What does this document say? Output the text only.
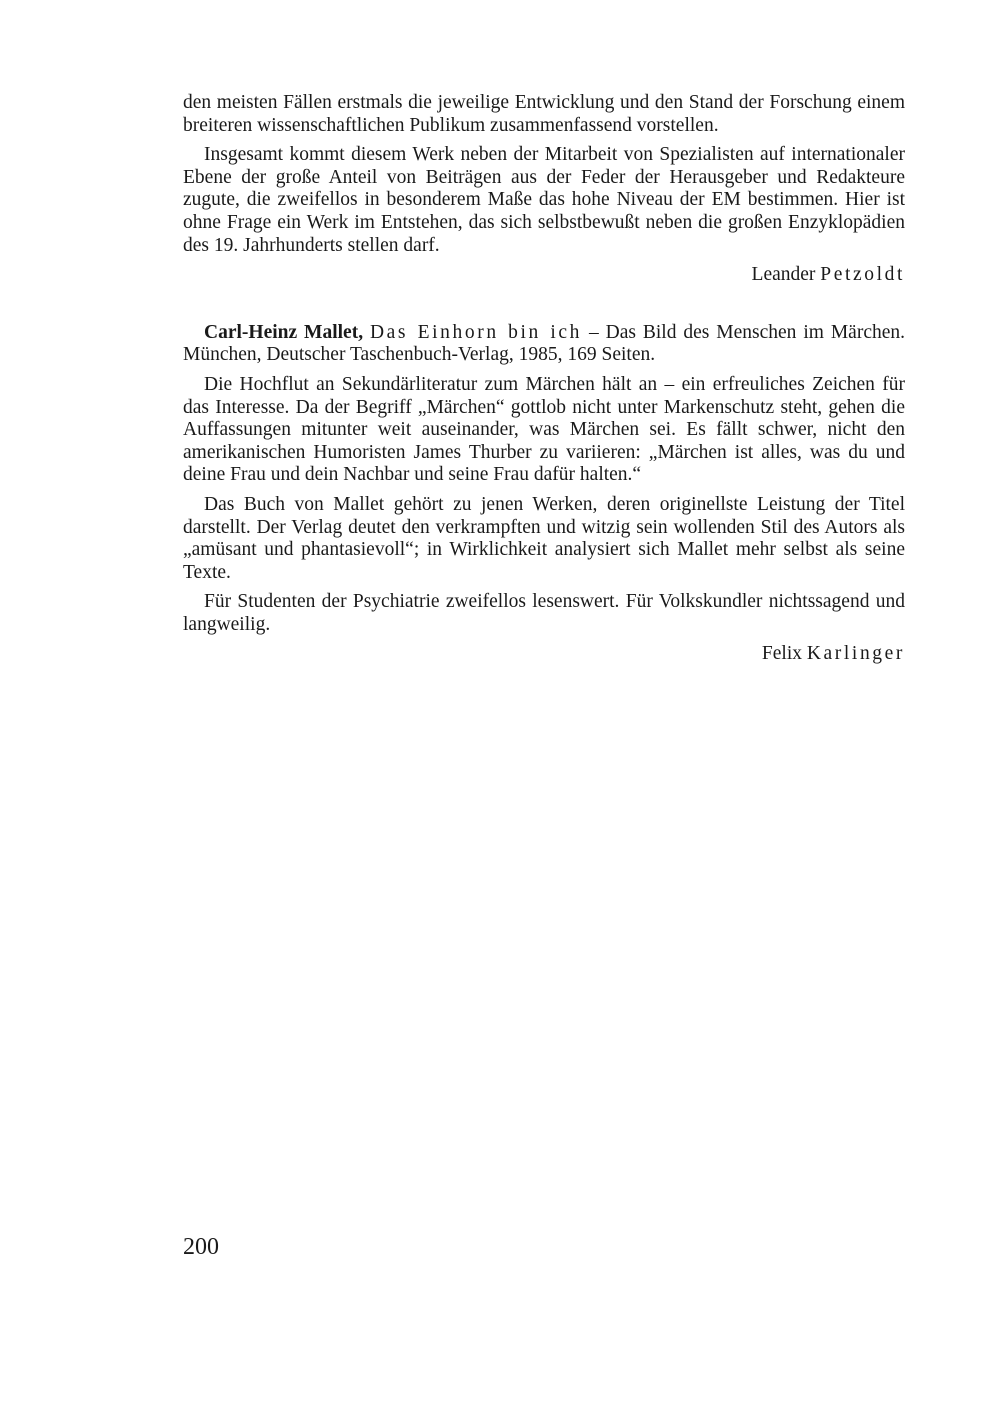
den meisten Fällen erstmals die jeweilige Entwicklung und den Stand der Forschung einem breiteren wissenschaftlichen Publikum zusammenfassend vorstellen.

Insgesamt kommt diesem Werk neben der Mitarbeit von Spezialisten auf internationaler Ebene der große Anteil von Beiträgen aus der Feder der Herausgeber und Redakteure zugute, die zweifellos in besonderem Maße das hohe Niveau der EM bestimmen. Hier ist ohne Frage ein Werk im Entstehen, das sich selbstbewußt neben die großen Enzyklopädien des 19. Jahrhunderts stellen darf.

Leander Petzoldt

Carl-Heinz Mallet, Das Einhorn bin ich – Das Bild des Menschen im Märchen. München, Deutscher Taschenbuch-Verlag, 1985, 169 Seiten.

Die Hochflut an Sekundärliteratur zum Märchen hält an – ein erfreuliches Zeichen für das Interesse. Da der Begriff „Märchen“ gottlob nicht unter Markenschutz steht, gehen die Auffassungen mitunter weit auseinander, was Märchen sei. Es fällt schwer, nicht den amerikanischen Humoristen James Thurber zu variieren: „Märchen ist alles, was du und deine Frau und dein Nachbar und seine Frau dafür halten.“

Das Buch von Mallet gehört zu jenen Werken, deren originellste Leistung der Titel darstellt. Der Verlag deutet den verkrampften und witzig sein wollenden Stil des Autors als „amüsant und phantasievoll“; in Wirklichkeit analysiert sich Mallet mehr selbst als seine Texte.

Für Studenten der Psychiatrie zweifellos lesenswert. Für Volkskundler nichtssagend und langweilig.

Felix Karlinger
200
